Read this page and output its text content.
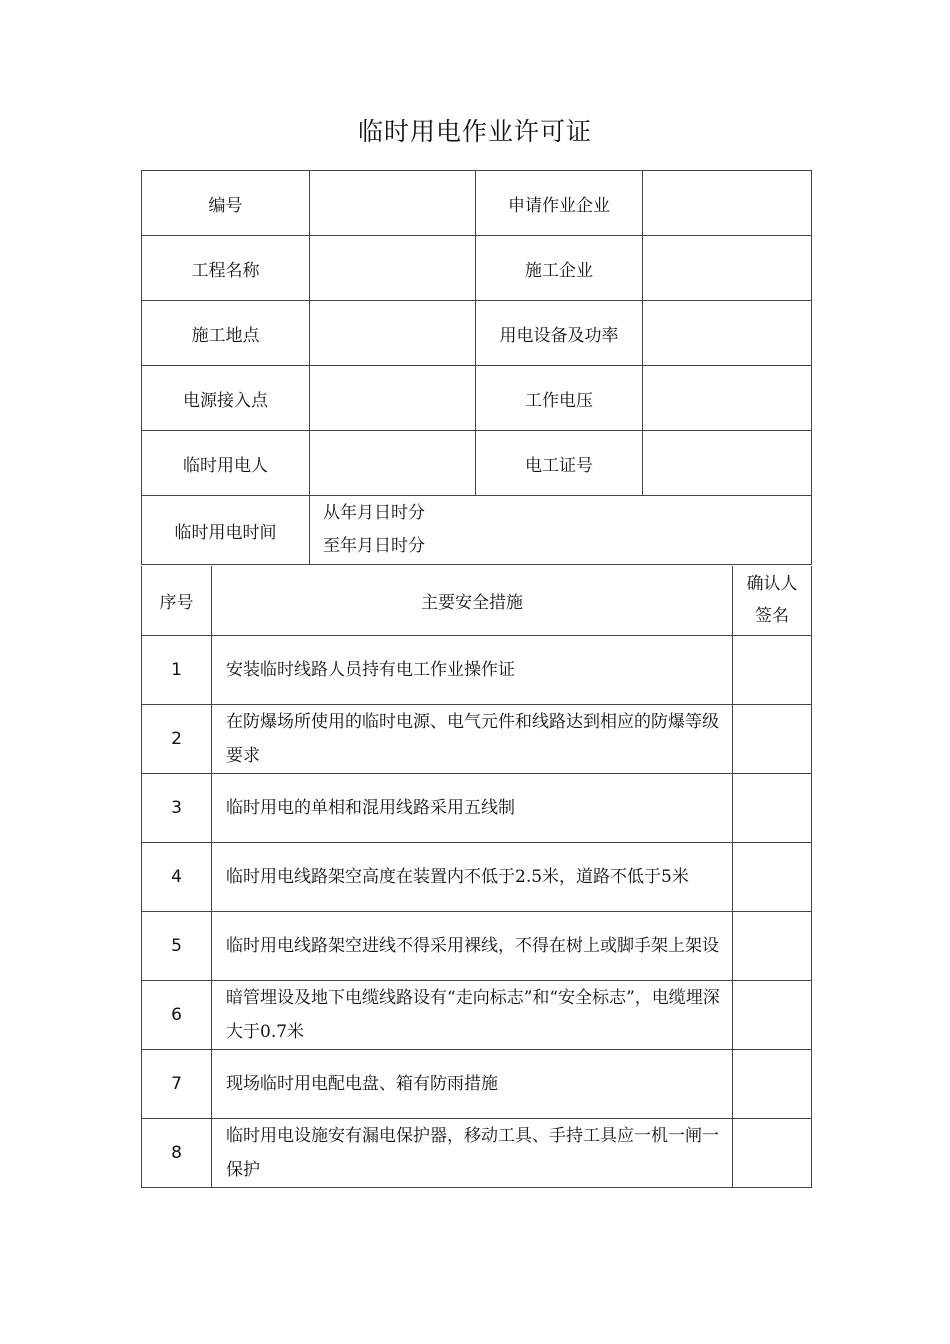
临时用电作业许可证
编号		申请作业企业	
工程名称		施工企业	
施工地点		用电设备及功率	
电源接入点		工作电压	
临时用电人		电工证号	
临时用电时间	从年月日时分
至年月日时分		
序号	主要安全措施	确认人
签名

1	安装临时线路人员持有电工作业操作证	
2	在防爆场所使用的临时电源、电气元件和线路达到相应的防爆等级要求	
3	临时用电的单相和混用线路采用五线制	
4	临时用电线路架空高度在装置内不低于2.5米，道路不低于5米	
5	临时用电线路架空进线不得采用裸线，不得在树上或脚手架上架设	
6	暗管埋设及地下电缆线路设有“走向标志”和“安全标志”，电缆埋深大于0.7米	
7	现场临时用电配电盘、箱有防雨措施	
8	临时用电设施安有漏电保护器，移动工具、手持工具应一机一闸一保护	
